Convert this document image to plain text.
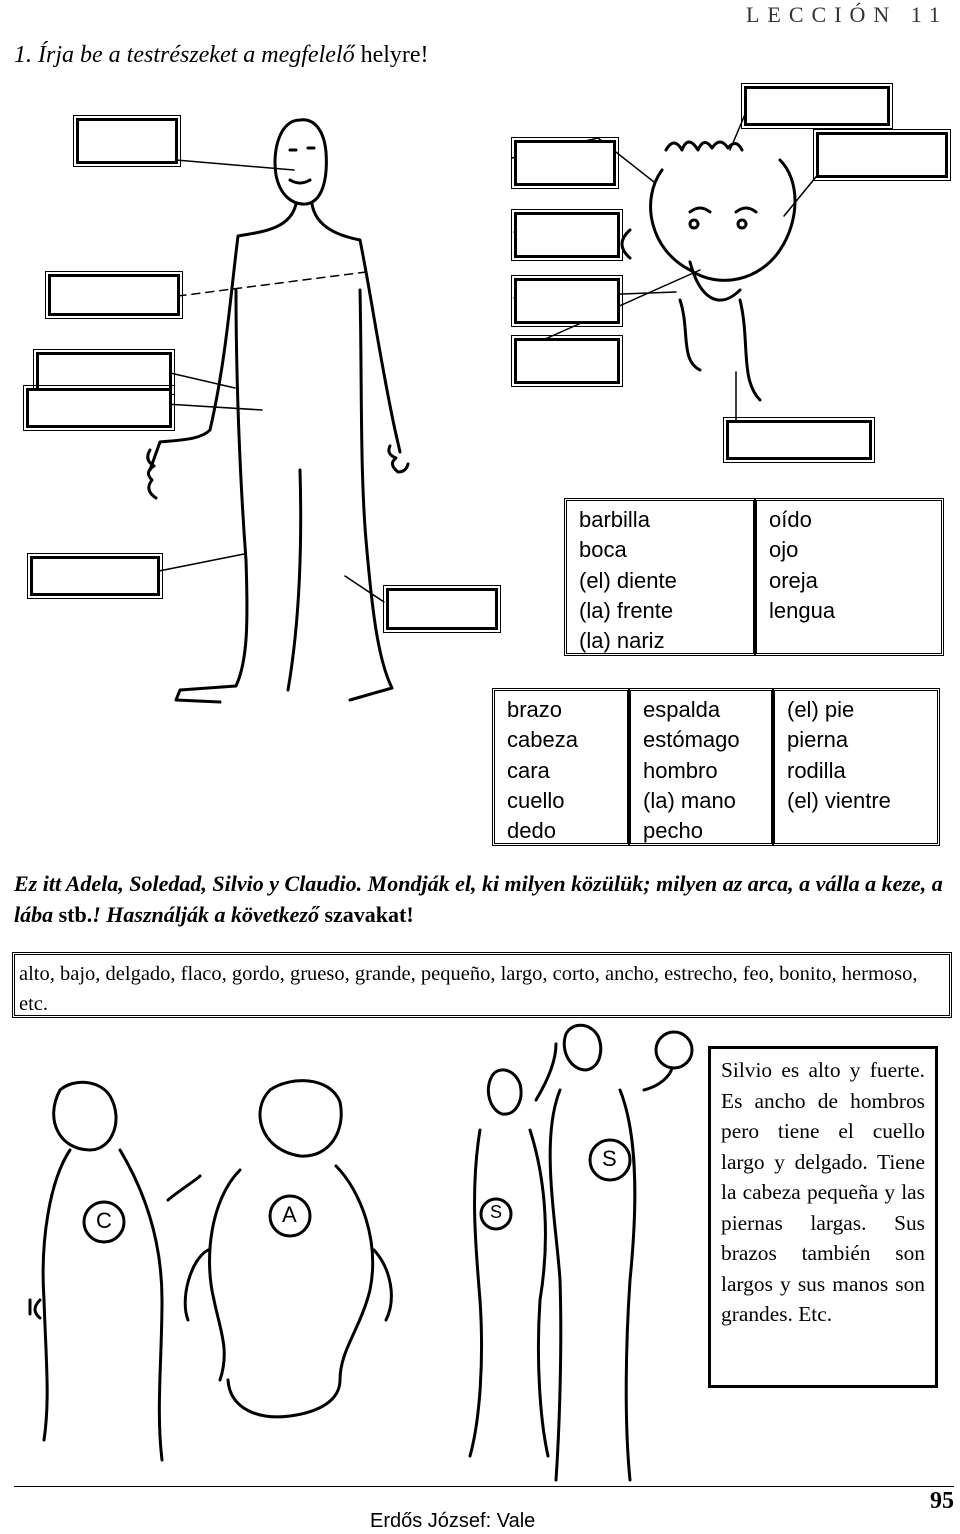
LECCIÓN 11
1. Írja be a testrészeket a megfelelő helyre!
barbilla
boca
(el) diente
(la) frente
(la) nariz
oído
ojo
oreja
lengua
brazo
cabeza
cara
cuello
dedo
espalda
estómago
hombro
(la) mano
pecho
(el) pie
pierna
rodilla
(el) vientre
Ez itt Adela, Soledad, Silvio y Claudio. Mondják el, ki milyen közülük; milyen az arca, a válla a keze, a lába stb.! Használják a következő szavakat!
alto, bajo, delgado, flaco, gordo, grueso, grande, pequeño, largo, corto, ancho, estrecho, feo, bonito, hermoso, etc.
C	A	S
S
Silvio es alto y fuerte. Es ancho de hombros pero tiene el cuello largo y delgado. Tiene la cabeza pequeña y las piernas largas. Sus brazos también son largos y sus manos son grandes. Etc.
Erdős József: Vale
95
